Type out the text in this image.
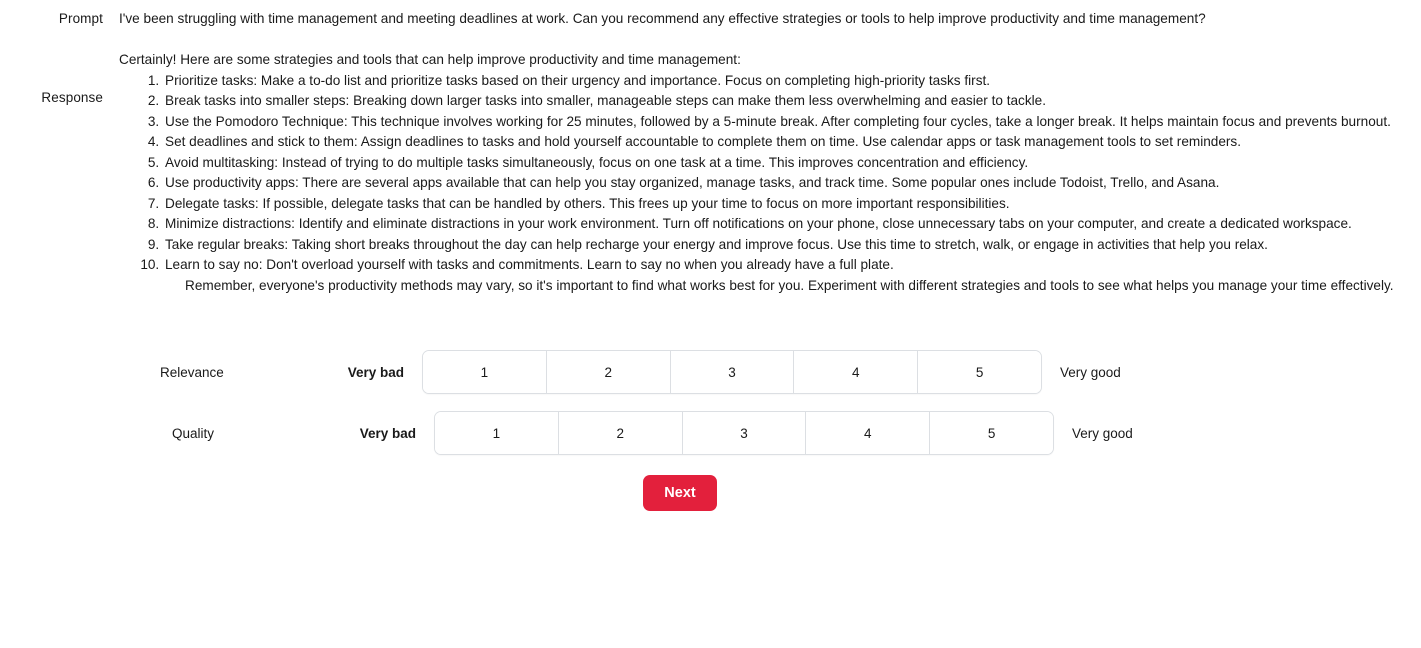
Prompt I've been struggling with time management and meeting deadlines at work. Can you recommend any effective strategies or tools to help improve productivity and time management?

Response

Certainly! Here are some strategies and tools that can help improve productivity and time management:

1. Prioritize tasks: Make a to-do list and prioritize tasks based on their urgency and importance. Focus on completing high-priority tasks first.
2. Break tasks into smaller steps: Breaking down larger tasks into smaller, manageable steps can make them less overwhelming and easier to tackle.
3. Use the Pomodoro Technique: This technique involves working for 25 minutes, followed by a 5-minute break. After completing four cycles, take a longer break. It helps maintain focus and prevents burnout.
4. Set deadlines and stick to them: Assign deadlines to tasks and hold yourself accountable to complete them on time. Use calendar apps or task management tools to set reminders.
5. Avoid multitasking: Instead of trying to do multiple tasks simultaneously, focus on one task at a time. This improves concentration and efficiency.
6. Use productivity apps: There are several apps available that can help you stay organized, manage tasks, and track time. Some popular ones include Todoist, Trello, and Asana.
7. Delegate tasks: If possible, delegate tasks that can be handled by others. This frees up your time to focus on more important responsibilities.
8. Minimize distractions: Identify and eliminate distractions in your work environment. Turn off notifications on your phone, close unnecessary tabs on your computer, and create a dedicated workspace.
9. Take regular breaks: Taking short breaks throughout the day can help recharge your energy and improve focus. Use this time to stretch, walk, or engage in activities that help you relax.
10. Learn to say no: Don't overload yourself with tasks and commitments. Learn to say no when you already have a full plate.

Remember, everyone's productivity methods may vary, so it's important to find what works best for you. Experiment with different strategies and tools to see what helps you manage your time effectively.

Relevance	Very bad	1	2	3	4	5	Very good
Quality	Very bad	1	2	3	4	5	Very good
Next
